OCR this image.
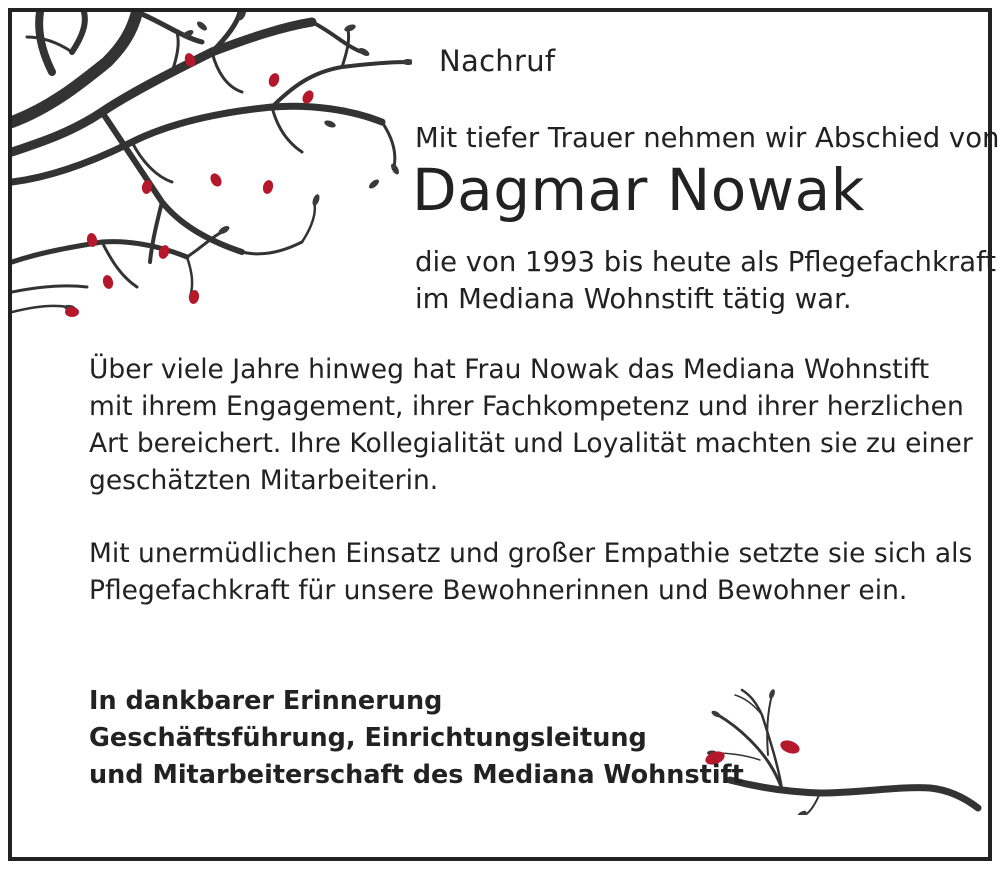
Nachruf
Mit tiefer Trauer nehmen wir Abschied von
Dagmar Nowak
die von 1993 bis heute als Pflegefachkraft
im Mediana Wohnstift tätig war.
Über viele Jahre hinweg hat Frau Nowak das Mediana Wohnstift
mit ihrem Engagement, ihrer Fachkompetenz und ihrer herzlichen
Art bereichert. Ihre Kollegialität und Loyalität machten sie zu einer
geschätzten Mitarbeiterin.
Mit unermüdlichen Einsatz und großer Empathie setzte sie sich als
Pflegefachkraft für unsere Bewohnerinnen und Bewohner ein.
In dankbarer Erinnerung
Geschäftsführung, Einrichtungsleitung
und Mitarbeiterschaft des Mediana Wohnstift
